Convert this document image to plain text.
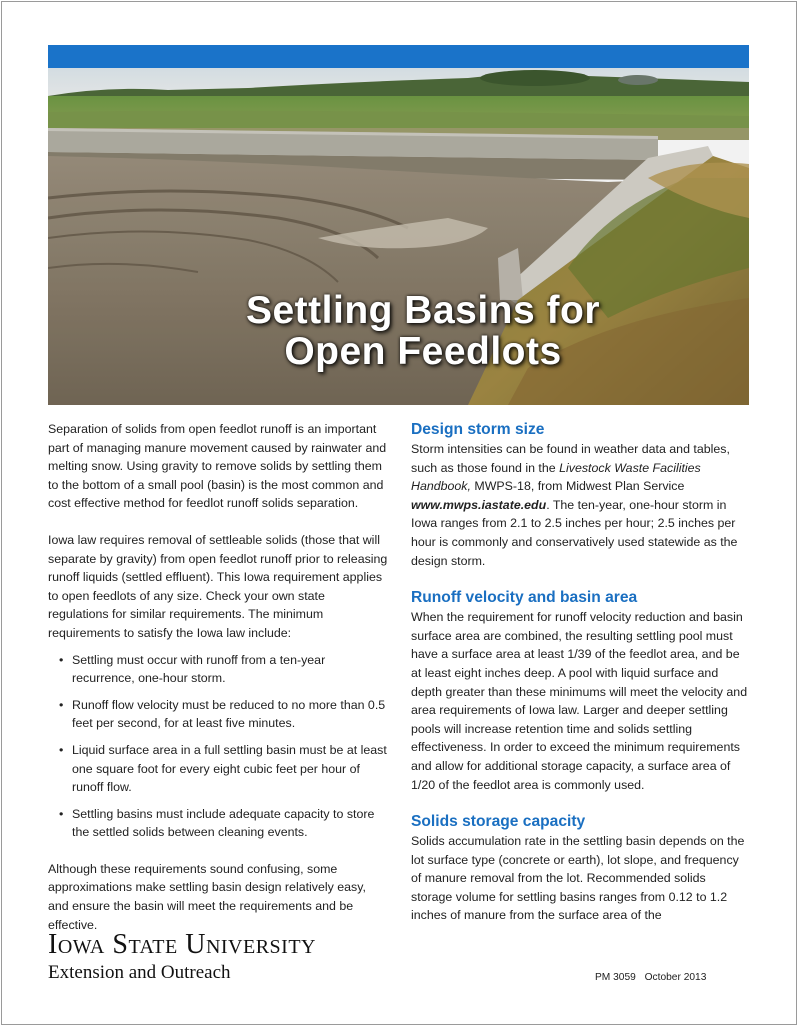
Settling Basins for
Open Feedlots

Separation of solids from open feedlot runoff is an important part of managing manure movement caused by rainwater and melting snow. Using gravity to remove solids by settling them to the bottom of a small pool (basin) is the most common and cost effective method for feedlot runoff solids separation.

Iowa law requires removal of settleable solids (those that will separate by gravity) from open feedlot runoff prior to releasing runoff liquids (settled effluent). This Iowa requirement applies to open feedlots of any size. Check your own state regulations for similar requirements. The minimum requirements to satisfy the Iowa law include:

• Settling must occur with runoff from a ten-year recurrence, one-hour storm.
• Runoff flow velocity must be reduced to no more than 0.5 feet per second, for at least five minutes.
• Liquid surface area in a full settling basin must be at least one square foot for every eight cubic feet per hour of runoff flow.
• Settling basins must include adequate capacity to store the settled solids between cleaning events.

Although these requirements sound confusing, some approximations make settling basin design relatively easy, and ensure the basin will meet the requirements and be effective.

Design storm size

Storm intensities can be found in weather data and tables, such as those found in the Livestock Waste Facilities Handbook, MWPS-18, from Midwest Plan Service www.mwps.iastate.edu. The ten-year, one-hour storm in Iowa ranges from 2.1 to 2.5 inches per hour; 2.5 inches per hour is commonly and conservatively used statewide as the design storm.

Runoff velocity and basin area

When the requirement for runoff velocity reduction and basin surface area are combined, the resulting settling pool must have a surface area at least 1/39 of the feedlot area, and be at least eight inches deep. A pool with liquid surface and depth greater than these minimums will meet the velocity and area requirements of Iowa law. Larger and deeper settling pools will increase retention time and solids settling effectiveness. In order to exceed the minimum requirements and allow for additional storage capacity, a surface area of 1/20 of the feedlot area is commonly used.

Solids storage capacity

Solids accumulation rate in the settling basin depends on the lot surface type (concrete or earth), lot slope, and frequency of manure removal from the lot. Recommended solids storage volume for settling basins ranges from 0.12 to 1.2 inches of manure from the surface area of the

Iowa State University
Extension and Outreach	PM 3059 October 2013
